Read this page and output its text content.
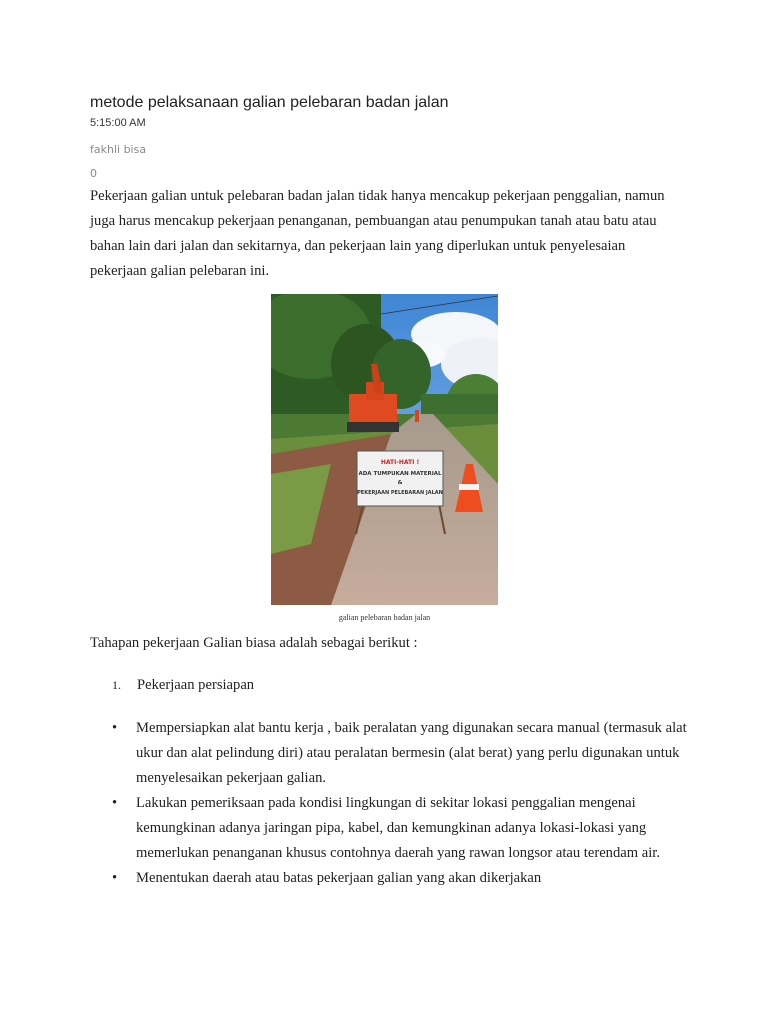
metode pelaksanaan galian pelebaran badan jalan
5:15:00 AM
fakhli bisa
0

Pekerjaan galian untuk pelebaran badan jalan tidak hanya mencakup pekerjaan penggalian, namun juga harus mencakup pekerjaan penanganan, pembuangan atau penumpukan tanah atau batu atau bahan lain dari jalan dan sekitarnya, dan pekerjaan lain yang diperlukan untuk penyelesaian pekerjaan galian pelebaran ini.

HATI-HATI !
ADA TUMPUKAN MATERIAL
&
PEKERJAAN PELEBARAN JALAN
galian pelebaran badan jalan

Tahapan pekerjaan Galian biasa adalah sebagai berikut :

1. Pekerjaan persiapan
• Mempersiapkan alat bantu kerja , baik peralatan yang digunakan secara manual (termasuk alat ukur dan alat pelindung diri) atau peralatan bermesin (alat berat) yang perlu digunakan untuk menyelesaikan pekerjaan galian.
• Lakukan pemeriksaan pada kondisi lingkungan di sekitar lokasi penggalian mengenai kemungkinan adanya jaringan pipa, kabel, dan kemungkinan adanya lokasi-lokasi yang memerlukan penanganan khusus contohnya daerah yang rawan longsor atau terendam air.
• Menentukan daerah atau batas pekerjaan galian yang akan dikerjakan
